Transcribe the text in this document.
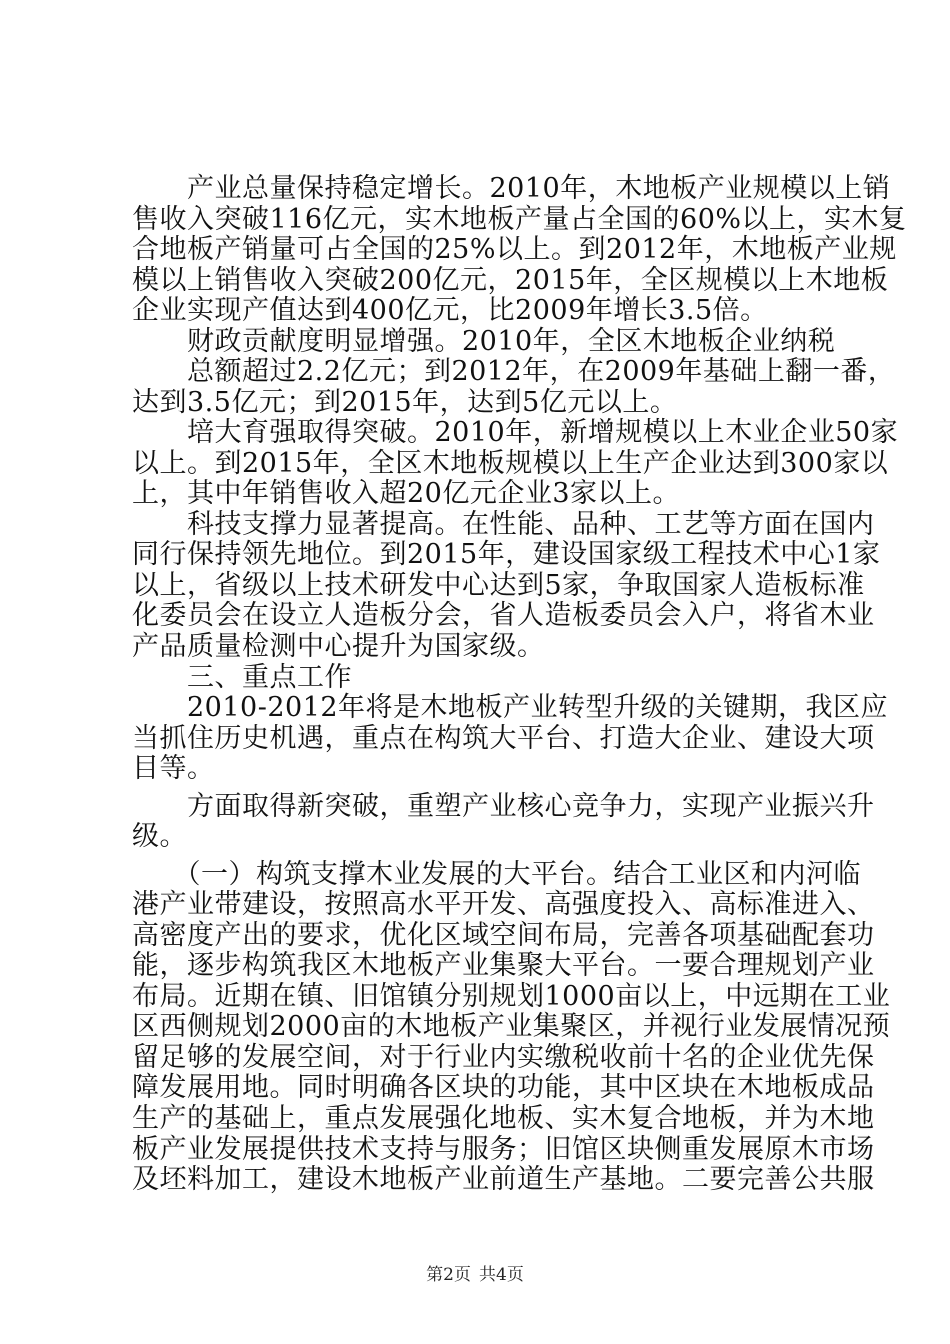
　　产业总量保持稳定增长。2010年，木地板产业规模以上销
售收入突破116亿元，实木地板产量占全国的60%以上，实木复
合地板产销量可占全国的25%以上。到2012年，木地板产业规
模以上销售收入突破200亿元，2015年，全区规模以上木地板
企业实现产值达到400亿元，比2009年增长3.5倍。
　　财政贡献度明显增强。2010年，全区木地板企业纳税
　　总额超过2.2亿元；到2012年，在2009年基础上翻一番，
达到3.5亿元；到2015年，达到5亿元以上。
　　培大育强取得突破。2010年，新增规模以上木业企业50家
以上。到2015年，全区木地板规模以上生产企业达到300家以
上，其中年销售收入超20亿元企业3家以上。
　　科技支撑力显著提高。在性能、品种、工艺等方面在国内
同行保持领先地位。到2015年，建设国家级工程技术中心1家
以上，省级以上技术研发中心达到5家，争取国家人造板标准
化委员会在设立人造板分会，省人造板委员会入户，将省木业
产品质量检测中心提升为国家级。
　　三、重点工作
　　2010-2012年将是木地板产业转型升级的关键期，我区应
当抓住历史机遇，重点在构筑大平台、打造大企业、建设大项
目等。
　　方面取得新突破，重塑产业核心竞争力，实现产业振兴升
级。
　　（一）构筑支撑木业发展的大平台。结合工业区和内河临
港产业带建设，按照高水平开发、高强度投入、高标准进入、
高密度产出的要求，优化区域空间布局，完善各项基础配套功
能，逐步构筑我区木地板产业集聚大平台。一要合理规划产业
布局。近期在镇、旧馆镇分别规划1000亩以上，中远期在工业
区西侧规划2000亩的木地板产业集聚区，并视行业发展情况预
留足够的发展空间，对于行业内实缴税收前十名的企业优先保
障发展用地。同时明确各区块的功能，其中区块在木地板成品
生产的基础上，重点发展强化地板、实木复合地板，并为木地
板产业发展提供技术支持与服务；旧馆区块侧重发展原木市场
及坯料加工，建设木地板产业前道生产基地。二要完善公共服
第2页 共4页
